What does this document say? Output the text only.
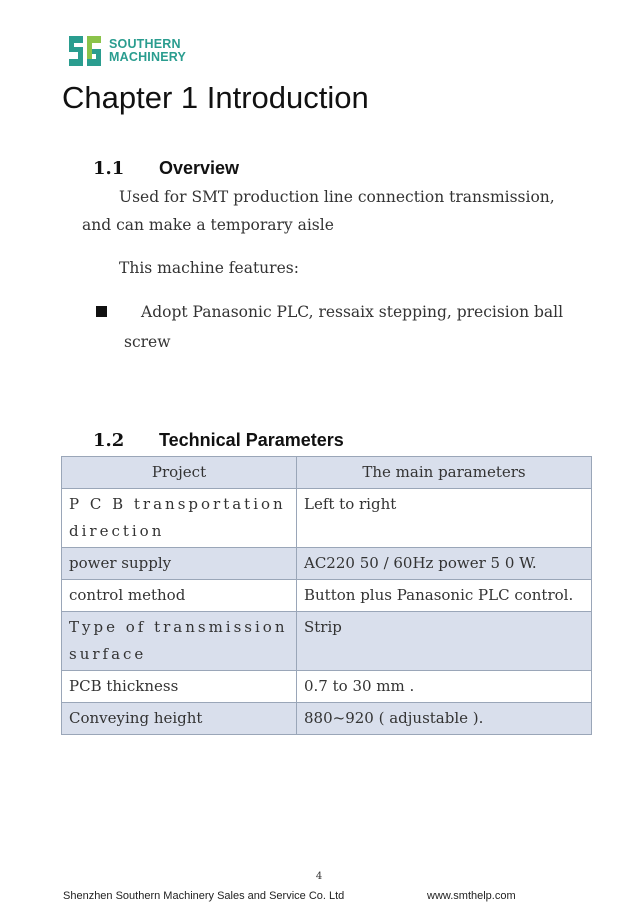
SOUTHERN
MACHINERY
Chapter 1 Introduction
1.1 Overview
Used for SMT production line connection transmission,
and can make a temporary aisle
This machine features:
Adopt Panasonic PLC, ressaix stepping, precision ball
screw
1.2 Technical Parameters
Project	The main parameters
P C B transportation direction	Left to right
power supply	AC220 50 / 60Hz power 5 0 W.
control method	Button plus Panasonic PLC control.
Type of transmission surface	Strip
PCB thickness	0.7 to 30 mm .
Conveying height	880~920 ( adjustable ).
4
Shenzhen Southern Machinery Sales and Service Co. Ltd	www.smthelp.com
